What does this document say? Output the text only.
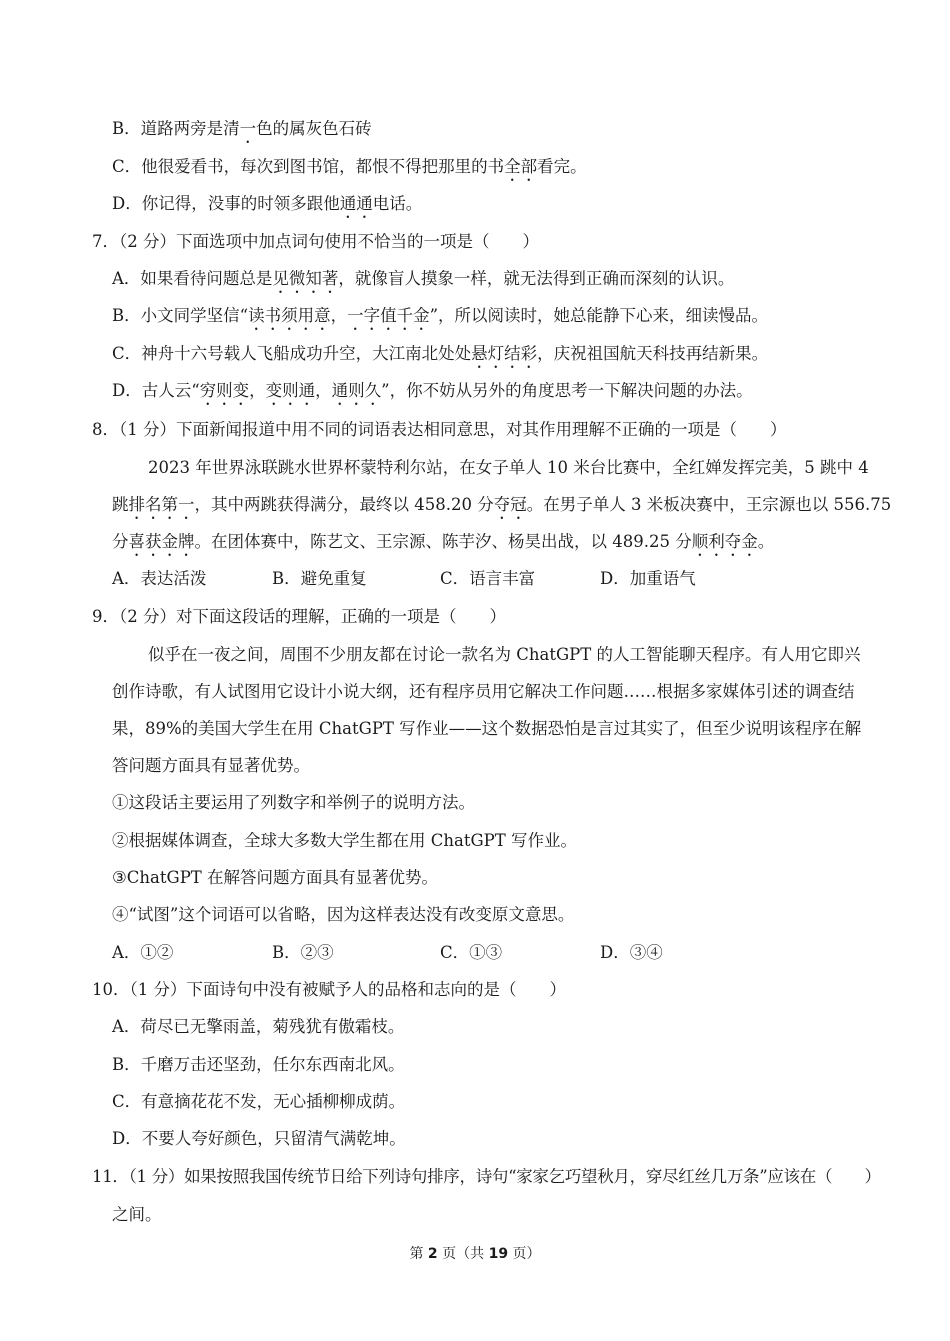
B．道路两旁是清一色的属灰色石砖
C．他很爱看书，每次到图书馆，都恨不得把那里的书全部看完。
D．你记得，没事的时领多跟他通通电话。
7．（2 分）下面选项中加点词句使用不恰当的一项是（　　）
A．如果看待问题总是见微知著，就像盲人摸象一样，就无法得到正确而深刻的认识。
B．小文同学坚信“读书须用意，一字值千金”，所以阅读时，她总能静下心来，细读慢品。
C．神舟十六号载人飞船成功升空，大江南北处处悬灯结彩，庆祝祖国航天科技再结新果。
D．古人云“穷则变，变则通，通则久”，你不妨从另外的角度思考一下解决问题的办法。
8．（1 分）下面新闻报道中用不同的词语表达相同意思，对其作用理解不正确的一项是（　　）
2023 年世界泳联跳水世界杯蒙特利尔站，在女子单人 10 米台比赛中，全红婵发挥完美，5 跳中 4
跳排名第一，其中两跳获得满分，最终以 458.20 分夺冠。在男子单人 3 米板决赛中，王宗源也以 556.75
分喜获金牌。在团体赛中，陈艺文、王宗源、陈芋汐、杨昊出战，以 489.25 分顺利夺金。
A．表达活泼	B．避免重复	C．语言丰富	D．加重语气
9．（2 分）对下面这段话的理解，正确的一项是（　　）
似乎在一夜之间，周围不少朋友都在讨论一款名为 ChatGPT 的人工智能聊天程序。有人用它即兴
创作诗歌，有人试图用它设计小说大纲，还有程序员用它解决工作问题……根据多家媒体引述的调查结
果，89%的美国大学生在用 ChatGPT 写作业——这个数据恐怕是言过其实了，但至少说明该程序在解
答问题方面具有显著优势。
①这段话主要运用了列数字和举例子的说明方法。
②根据媒体调查，全球大多数大学生都在用 ChatGPT 写作业。
③ChatGPT 在解答问题方面具有显著优势。
④“试图”这个词语可以省略，因为这样表达没有改变原文意思。
A．①②	B．②③	C．①③	D．③④
10．（1 分）下面诗句中没有被赋予人的品格和志向的是（　　）
A．荷尽已无擎雨盖，菊残犹有傲霜枝。
B．千磨万击还坚劲，任尔东西南北风。
C．有意摘花花不发，无心插柳柳成荫。
D．不要人夸好颜色，只留清气满乾坤。
11．（1 分）如果按照我国传统节日给下列诗句排序，诗句“家家乞巧望秋月，穿尽红丝几万条”应该在（　　）
之间。
第 2 页（共 19 页）
